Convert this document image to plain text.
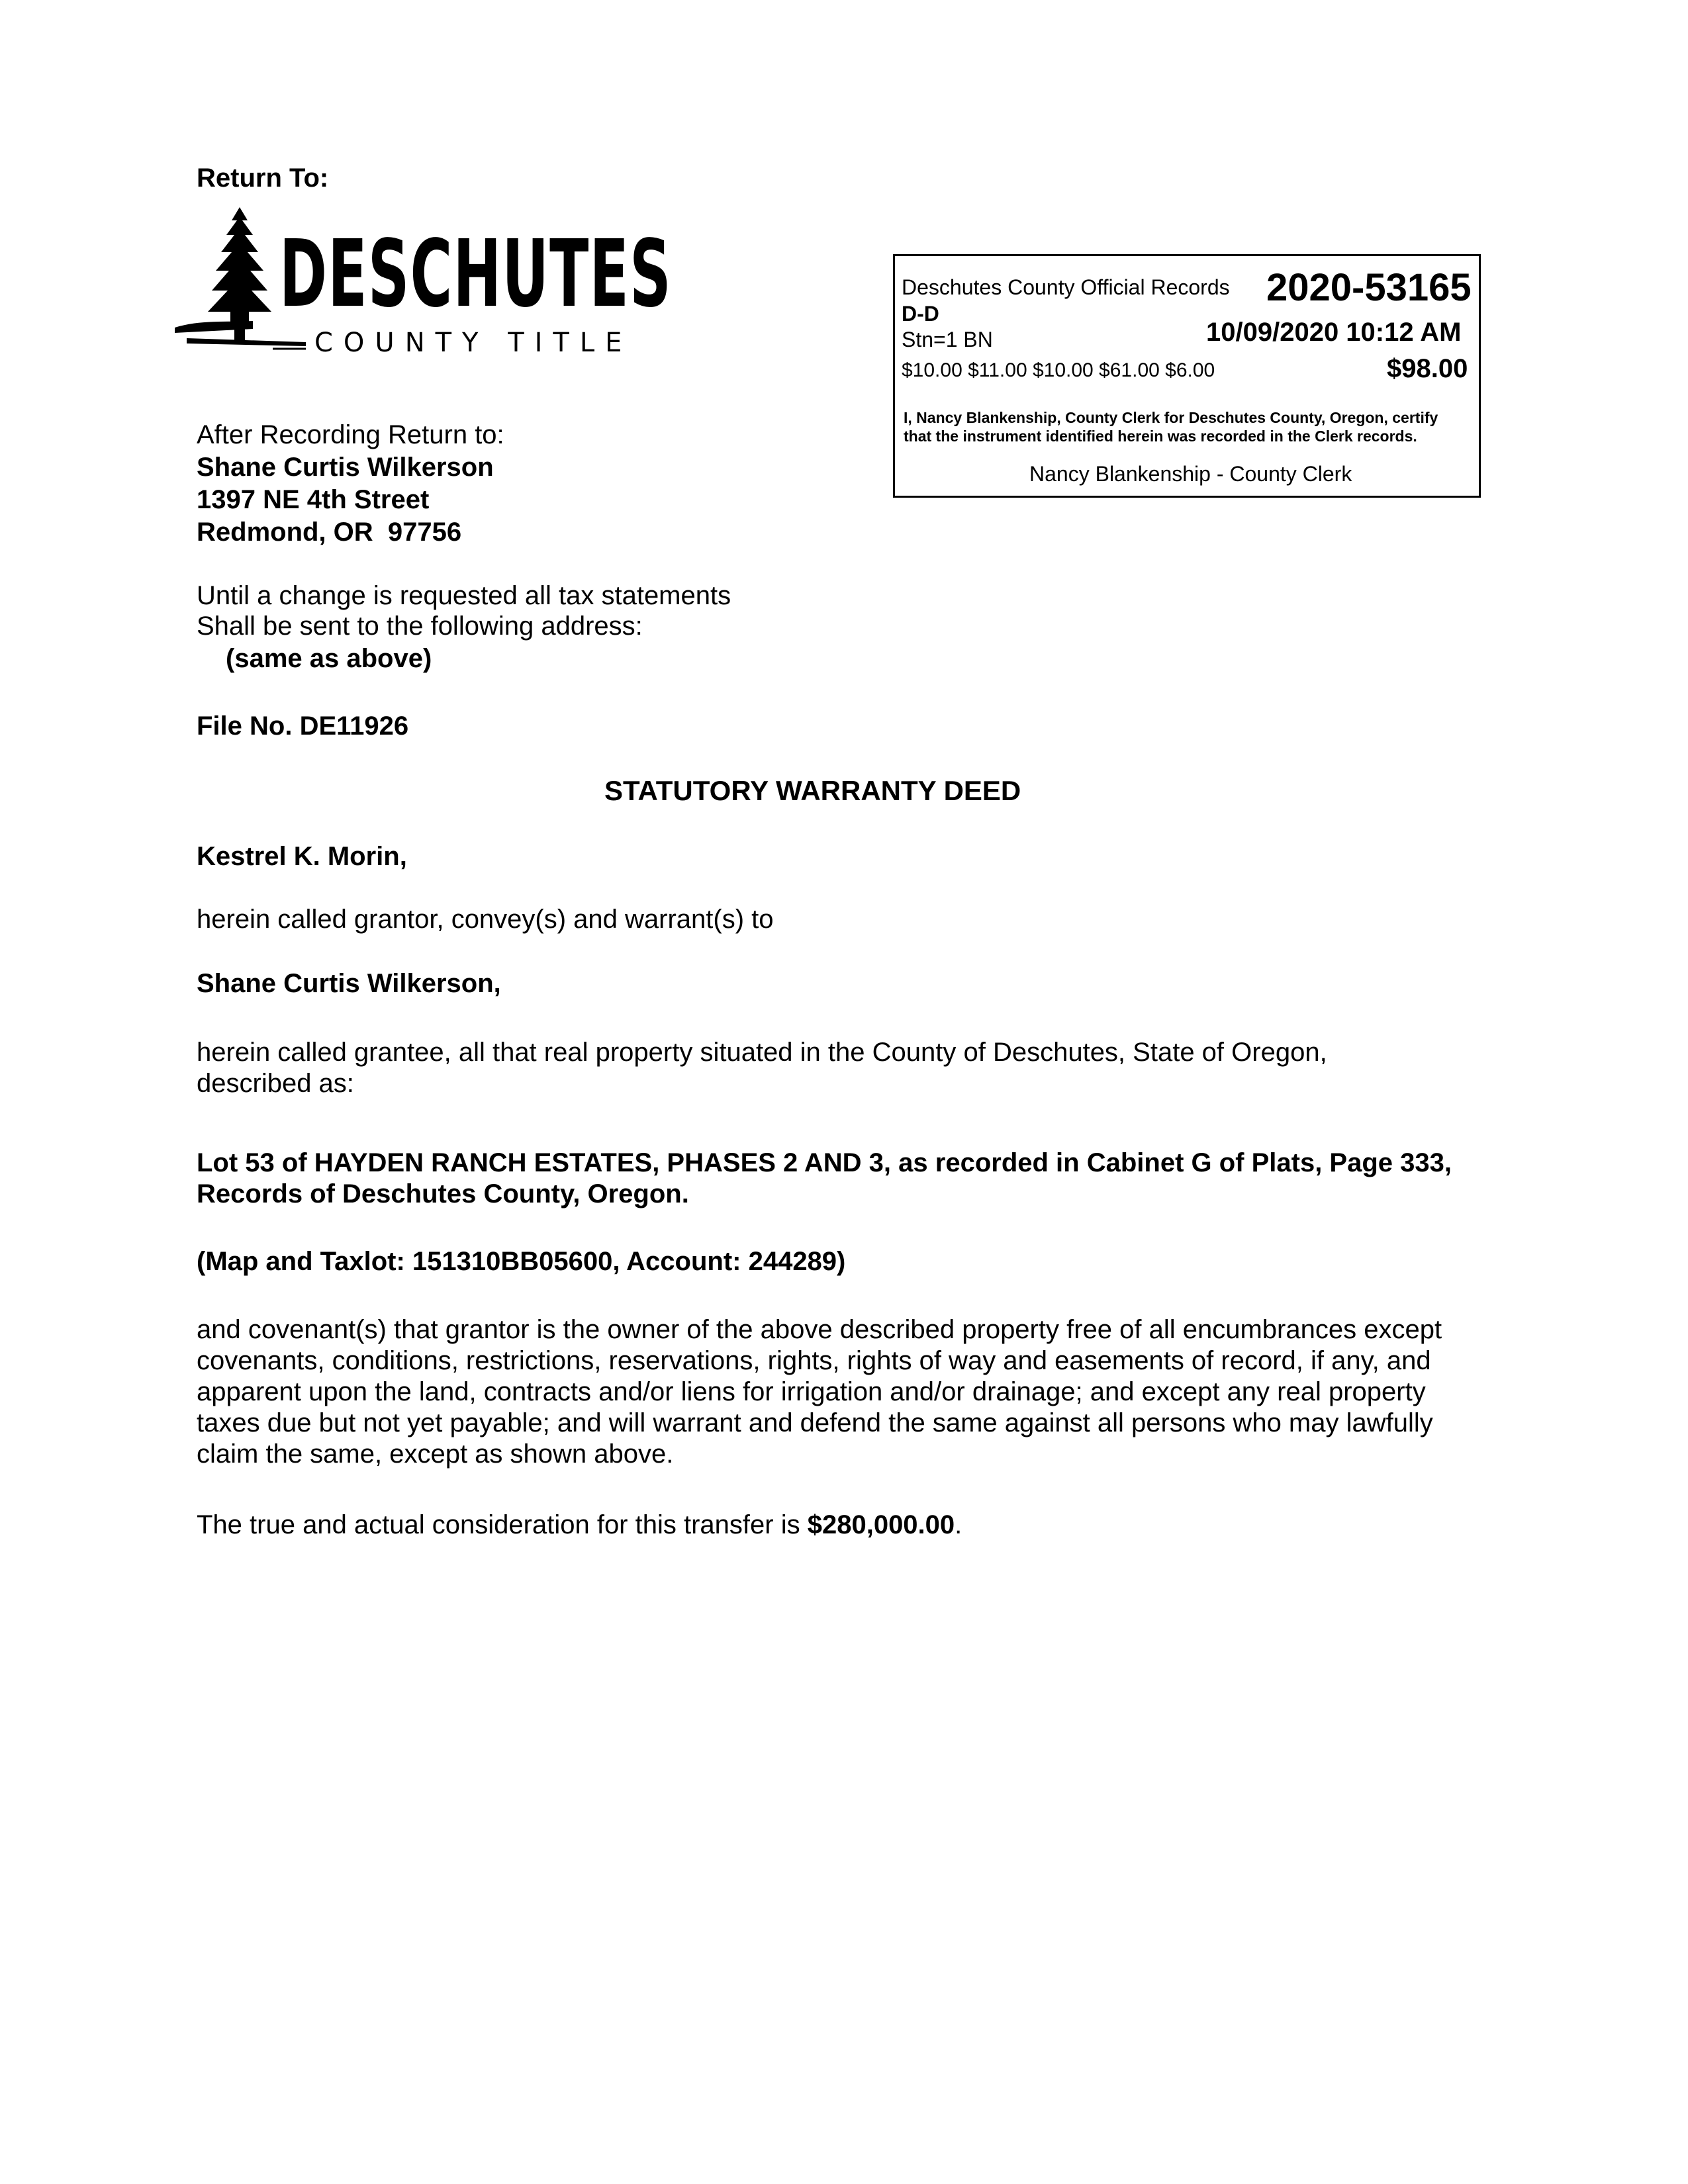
Return To:
DESCHUTES
COUNTY TITLE
Deschutes County Official Records 2020-53165
D-D
Stn=1 BN	10/09/2020 10:12 AM
$10.00 $11.00 $10.00 $61.00 $6.00	$98.00
I, Nancy Blankenship, County Clerk for Deschutes County, Oregon, certify that the instrument identified herein was recorded in the Clerk records.
Nancy Blankenship - County Clerk
After Recording Return to:
Shane Curtis Wilkerson
1397 NE 4th Street
Redmond, OR  97756
Until a change is requested all tax statements
Shall be sent to the following address:
(same as above)
File No. DE11926
STATUTORY WARRANTY DEED
Kestrel K. Morin,
herein called grantor, convey(s) and warrant(s) to
Shane Curtis Wilkerson,
herein called grantee, all that real property situated in the County of Deschutes, State of Oregon, described as:
Lot 53 of HAYDEN RANCH ESTATES, PHASES 2 AND 3, as recorded in Cabinet G of Plats, Page 333, Records of Deschutes County, Oregon.
(Map and Taxlot: 151310BB05600, Account: 244289)
and covenant(s) that grantor is the owner of the above described property free of all encumbrances except covenants, conditions, restrictions, reservations, rights, rights of way and easements of record, if any, and apparent upon the land, contracts and/or liens for irrigation and/or drainage; and except any real property taxes due but not yet payable; and will warrant and defend the same against all persons who may lawfully claim the same, except as shown above.
The true and actual consideration for this transfer is $280,000.00.
